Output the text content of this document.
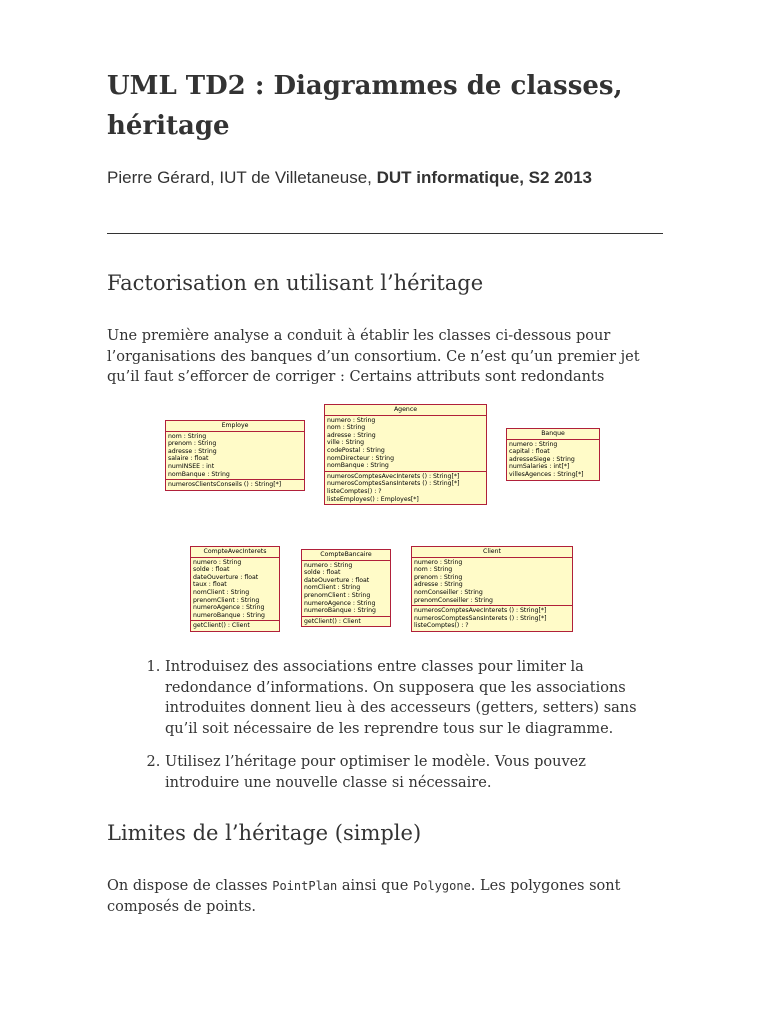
UML TD2 : Diagrammes de classes, héritage
Pierre Gérard, IUT de Villetaneuse, DUT informatique, S2 2013
Factorisation en utilisant l’héritage

Une première analyse a conduit à établir les classes ci-dessous pour l’organisations des banques d’un consortium. Ce n’est qu’un premier jet qu’il faut s’efforcer de corriger : Certains attributs sont redondants

Employe
nom : String
prenom : String
adresse : String
salaire : float
numINSEE : int
nomBanque : String
numerosClientsConseils () : String[*]
Agence
numero : String
nom : String
adresse : String
ville : String
codePostal : String
nomDirecteur : String
nomBanque : String
numerosComptesAvecInterets () : String[*]
numerosComptesSansInterets () : String[*]
listeComptes() : ?
listeEmployes() : Employes[*]
Banque
numero : String
capital : float
adresseSiege : String
numSalaries : int[*]
villesAgences : String[*]
CompteAvecInterets
numero : String
solde : float
dateOuverture : float
taux : float
nomClient : String
prenomClient : String
numeroAgence : String
numeroBanque : String
getClient() : Client
CompteBancaire
numero : String
solde : float
dateOuverture : float
nomClient : String
prenomClient : String
numeroAgence : String
numeroBanque : String
getClient() : Client
Client
numero : String
nom : String
prenom : String
adresse : String
nomConseiller : String
prenomConseiller : String
numerosComptesAvecInterets () : String[*]
numerosComptesSansInterets () : String[*]
listeComptes() : ?
1. Introduisez des associations entre classes pour limiter la redondance d’informations. On supposera que les associations introduites donnent lieu à des accesseurs (getters, setters) sans qu’il soit nécessaire de les reprendre tous sur le diagramme.
2. Utilisez l’héritage pour optimiser le modèle. Vous pouvez introduire une nouvelle classe si nécessaire.
Limites de l’héritage (simple)

On dispose de classes PointPlan ainsi que Polygone. Les polygones sont composés de points.
